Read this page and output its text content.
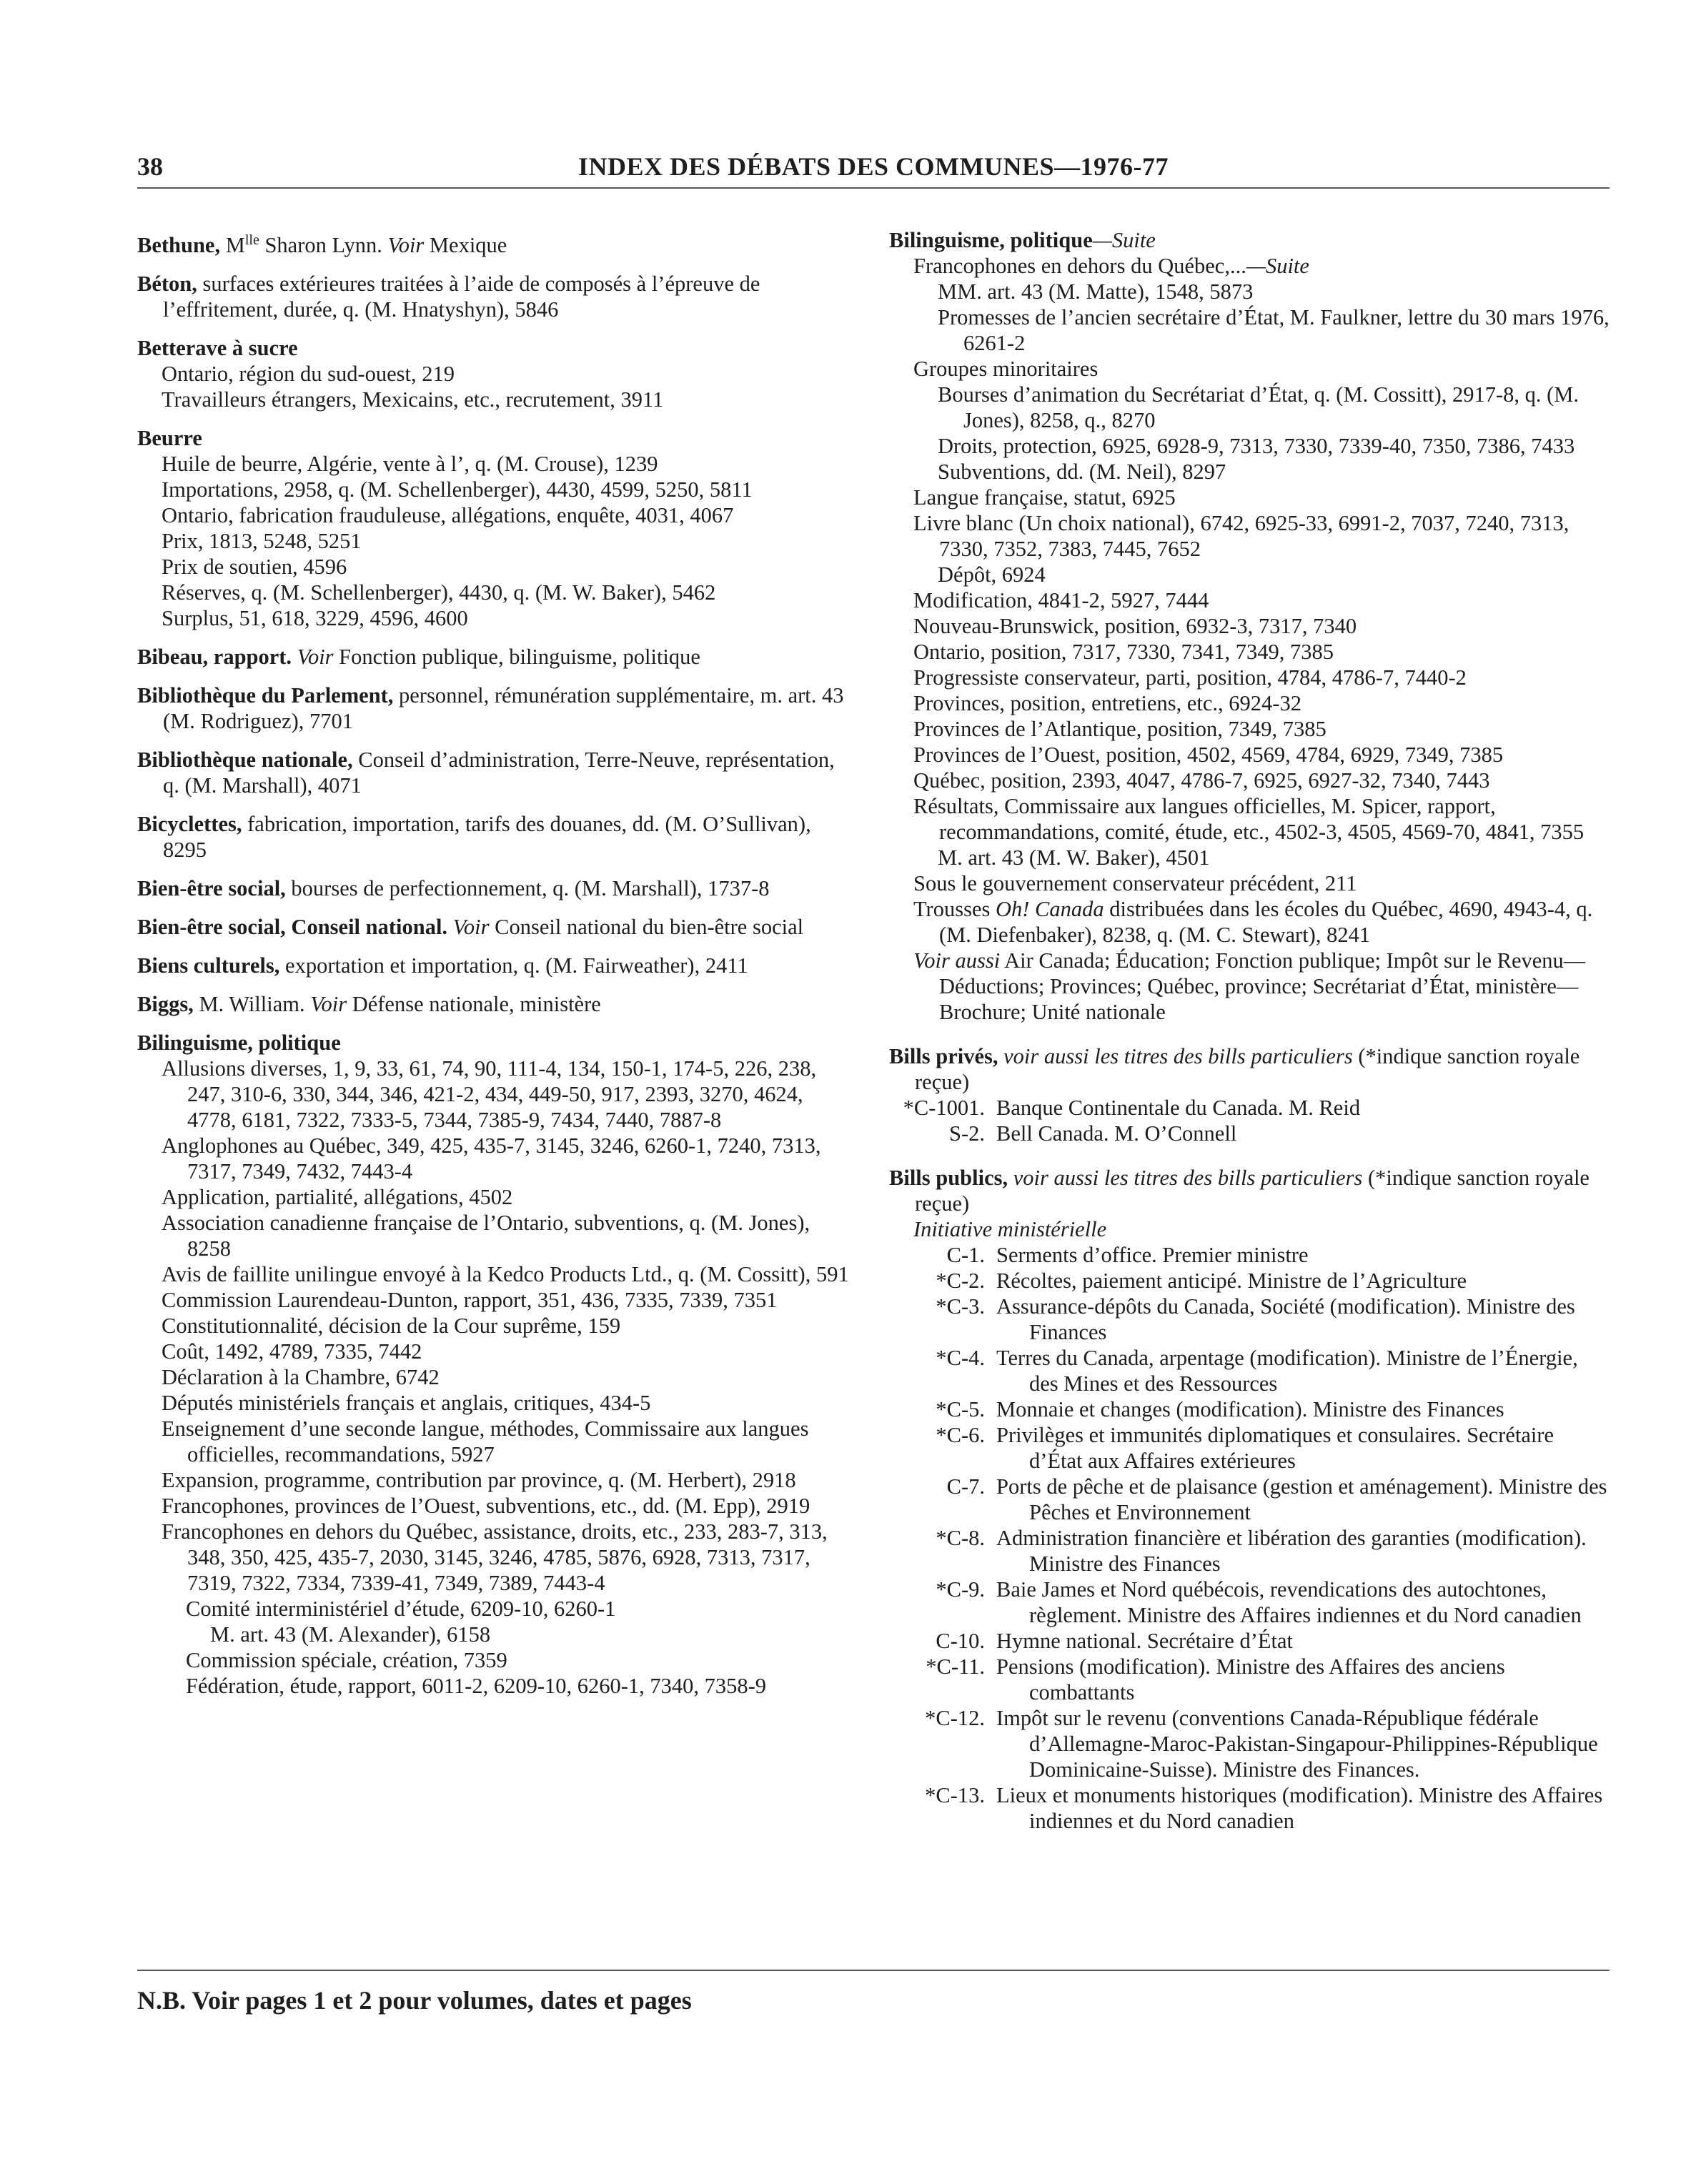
38	INDEX DES DÉBATS DES COMMUNES—1976-77
Bethune, $M^{lle}$ Sharon Lynn. Voir Mexique
Béton, surfaces extérieures traitées à l’aide de composés à l’épreuve de l’effritement, durée, q. (M. Hnatyshyn), 5846
Betterave à sucre
Ontario, région du sud-ouest, 219
Travailleurs étrangers, Mexicains, etc., recrutement, 3911
Beurre
Huile de beurre, Algérie, vente à l’, q. (M. Crouse), 1239
Importations, 2958, q. (M. Schellenberger), 4430, 4599, 5250, 5811
Ontario, fabrication frauduleuse, allégations, enquête, 4031, 4067
Prix, 1813, 5248, 5251
Prix de soutien, 4596
Réserves, q. (M. Schellenberger), 4430, q. (M. W. Baker), 5462
Surplus, 51, 618, 3229, 4596, 4600
Bibeau, rapport. Voir Fonction publique, bilinguisme, politique
Bibliothèque du Parlement, personnel, rémunération supplémentaire, m. art. 43 (M. Rodriguez), 7701
Bibliothèque nationale, Conseil d’administration, Terre-Neuve, représentation, q. (M. Marshall), 4071
Bicyclettes, fabrication, importation, tarifs des douanes, dd. (M. O’Sullivan), 8295
Bien-être social, bourses de perfectionnement, q. (M. Marshall), 1737-8
Bien-être social, Conseil national. Voir Conseil national du bien-être social
Biens culturels, exportation et importation, q. (M. Fairweather), 2411
Biggs, M. William. Voir Défense nationale, ministère
Bilinguisme, politique
Allusions diverses, 1, 9, 33, 61, 74, 90, 111-4, 134, 150-1, 174-5, 226, 238, 247, 310-6, 330, 344, 346, 421-2, 434, 449-50, 917, 2393, 3270, 4624, 4778, 6181, 7322, 7333-5, 7344, 7385-9, 7434, 7440, 7887-8
Anglophones au Québec, 349, 425, 435-7, 3145, 3246, 6260-1, 7240, 7313, 7317, 7349, 7432, 7443-4
Application, partialité, allégations, 4502
Association canadienne française de l’Ontario, subventions, q. (M. Jones), 8258
Avis de faillite unilingue envoyé à la Kedco Products Ltd., q. (M. Cossitt), 591
Commission Laurendeau-Dunton, rapport, 351, 436, 7335, 7339, 7351
Constitutionnalité, décision de la Cour suprême, 159
Coût, 1492, 4789, 7335, 7442
Déclaration à la Chambre, 6742
Députés ministériels français et anglais, critiques, 434-5
Enseignement d’une seconde langue, méthodes, Commissaire aux langues officielles, recommandations, 5927
Expansion, programme, contribution par province, q. (M. Herbert), 2918
Francophones, provinces de l’Ouest, subventions, etc., dd. (M. Epp), 2919
Francophones en dehors du Québec, assistance, droits, etc., 233, 283-7, 313, 348, 350, 425, 435-7, 2030, 3145, 3246, 4785, 5876, 6928, 7313, 7317, 7319, 7322, 7334, 7339-41, 7349, 7389, 7443-4
Comité interministériel d’étude, 6209-10, 6260-1
M. art. 43 (M. Alexander), 6158
Commission spéciale, création, 7359
Fédération, étude, rapport, 6011-2, 6209-10, 6260-1, 7340, 7358-9
Bilinguisme, politique—Suite
Francophones en dehors du Québec,...—Suite
MM. art. 43 (M. Matte), 1548, 5873
Promesses de l’ancien secrétaire d’État, M. Faulkner, lettre du 30 mars 1976, 6261-2
Groupes minoritaires
Bourses d’animation du Secrétariat d’État, q. (M. Cossitt), 2917-8, q. (M. Jones), 8258, q., 8270
Droits, protection, 6925, 6928-9, 7313, 7330, 7339-40, 7350, 7386, 7433
Subventions, dd. (M. Neil), 8297
Langue française, statut, 6925
Livre blanc (Un choix national), 6742, 6925-33, 6991-2, 7037, 7240, 7313, 7330, 7352, 7383, 7445, 7652
Dépôt, 6924
Modification, 4841-2, 5927, 7444
Nouveau-Brunswick, position, 6932-3, 7317, 7340
Ontario, position, 7317, 7330, 7341, 7349, 7385
Progressiste conservateur, parti, position, 4784, 4786-7, 7440-2
Provinces, position, entretiens, etc., 6924-32
Provinces de l’Atlantique, position, 7349, 7385
Provinces de l’Ouest, position, 4502, 4569, 4784, 6929, 7349, 7385
Québec, position, 2393, 4047, 4786-7, 6925, 6927-32, 7340, 7443
Résultats, Commissaire aux langues officielles, M. Spicer, rapport, recommandations, comité, étude, etc., 4502-3, 4505, 4569-70, 4841, 7355
M. art. 43 (M. W. Baker), 4501
Sous le gouvernement conservateur précédent, 211
Trousses Oh! Canada distribuées dans les écoles du Québec, 4690, 4943-4, q. (M. Diefenbaker), 8238, q. (M. C. Stewart), 8241
Voir aussi Air Canada; Éducation; Fonction publique; Impôt sur le Revenu—Déductions; Provinces; Québec, province; Secrétariat d’État, ministère—Brochure; Unité nationale
Bills privés, voir aussi les titres des bills particuliers (*indique sanction royale reçue)
*C-1001. Banque Continentale du Canada. M. Reid
S-2. Bell Canada. M. O’Connell
Bills publics, voir aussi les titres des bills particuliers (*indique sanction royale reçue)
Initiative ministérielle
C-1. Serments d’office. Premier ministre
*C-2. Récoltes, paiement anticipé. Ministre de l’Agriculture
*C-3. Assurance-dépôts du Canada, Société (modification). Ministre des Finances
*C-4. Terres du Canada, arpentage (modification). Ministre de l’Énergie, des Mines et des Ressources
*C-5. Monnaie et changes (modification). Ministre des Finances
*C-6. Privilèges et immunités diplomatiques et consulaires. Secrétaire d’État aux Affaires extérieures
C-7. Ports de pêche et de plaisance (gestion et aménagement). Ministre des Pêches et Environnement
*C-8. Administration financière et libération des garanties (modification). Ministre des Finances
*C-9. Baie James et Nord québécois, revendications des autochtones, règlement. Ministre des Affaires indiennes et du Nord canadien
C-10. Hymne national. Secrétaire d’État
*C-11. Pensions (modification). Ministre des Affaires des anciens combattants
*C-12. Impôt sur le revenu (conventions Canada-République fédérale d’Allemagne-Maroc-Pakistan-Singapour-Philippines-République Dominicaine-Suisse). Ministre des Finances.
*C-13. Lieux et monuments historiques (modification). Ministre des Affaires indiennes et du Nord canadien
N.B. Voir pages 1 et 2 pour volumes, dates et pages
